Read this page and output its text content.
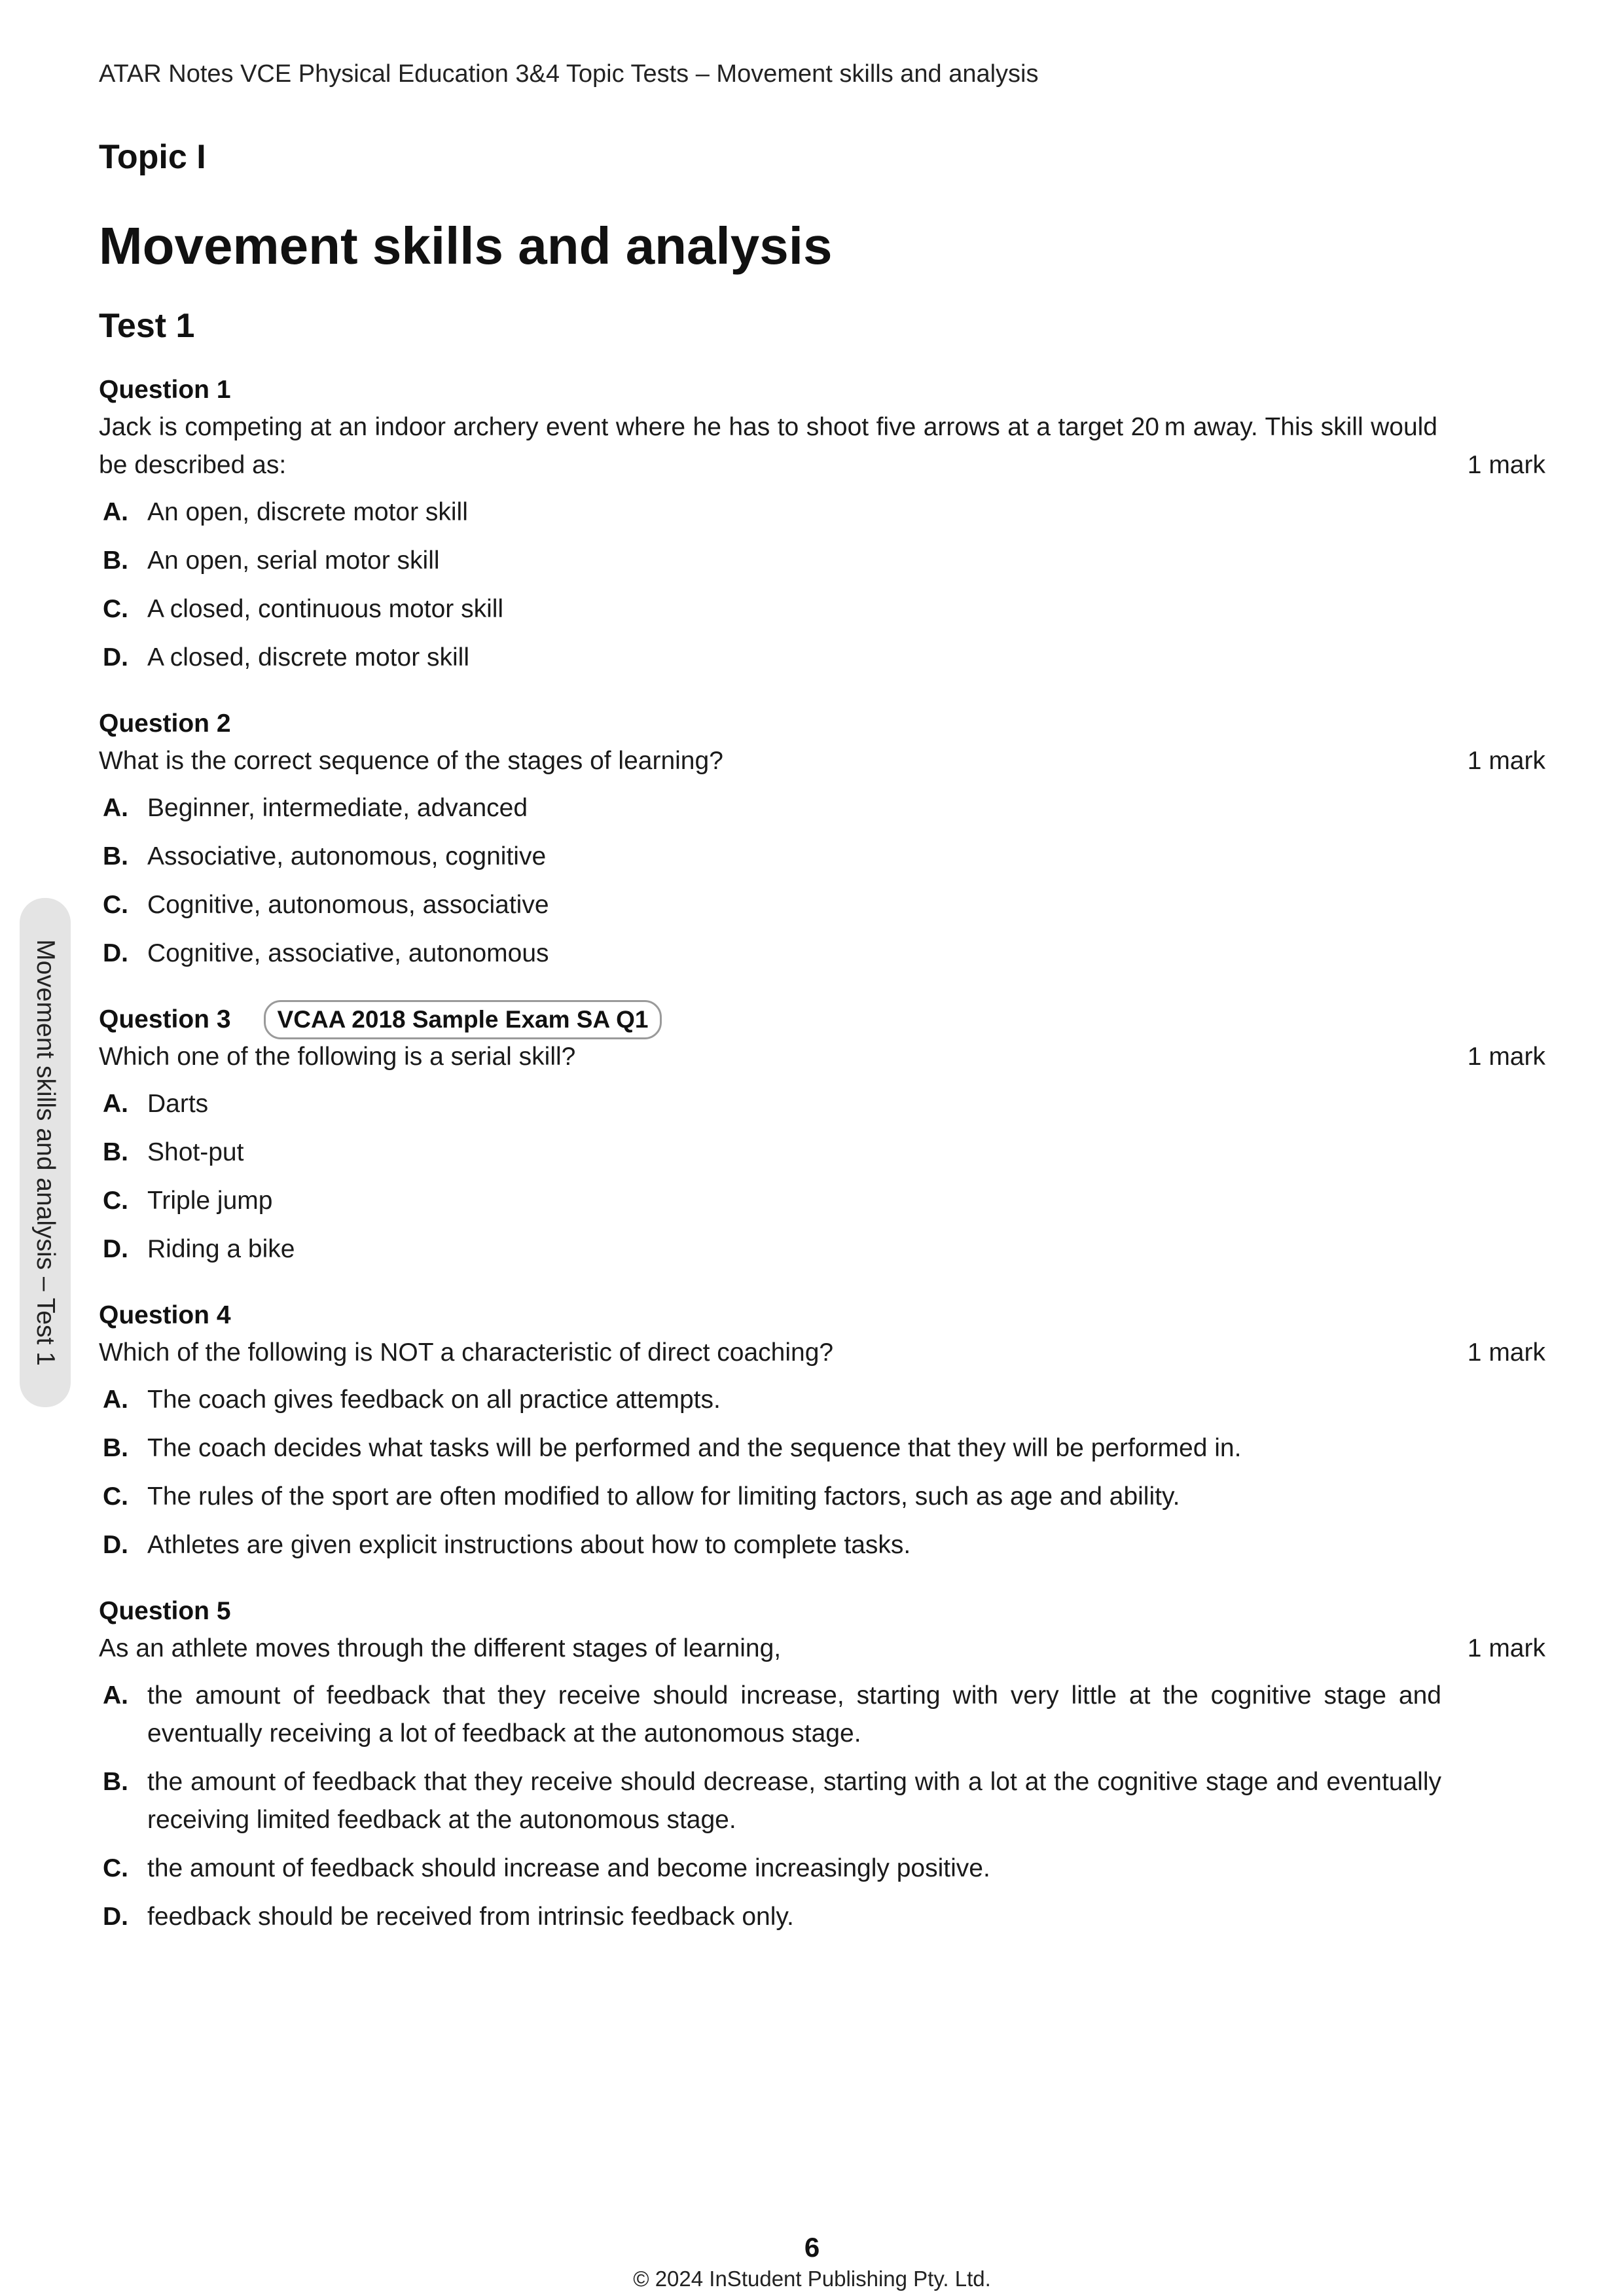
ATAR Notes VCE Physical Education 3&4 Topic Tests – Movement skills and analysis
Topic I
Movement skills and analysis
Test 1
Question 1
Jack is competing at an indoor archery event where he has to shoot five arrows at a target 20 m away. This skill would be described as:	1 mark
A. An open, discrete motor skill
B. An open, serial motor skill
C. A closed, continuous motor skill
D. A closed, discrete motor skill
Question 2
What is the correct sequence of the stages of learning?	1 mark
A. Beginner, intermediate, advanced
B. Associative, autonomous, cognitive
C. Cognitive, autonomous, associative
D. Cognitive, associative, autonomous
Question 3	VCAA 2018 Sample Exam SA Q1
Which one of the following is a serial skill?	1 mark
A. Darts
B. Shot-put
C. Triple jump
D. Riding a bike
Question 4
Which of the following is NOT a characteristic of direct coaching?	1 mark
A. The coach gives feedback on all practice attempts.
B. The coach decides what tasks will be performed and the sequence that they will be performed in.
C. The rules of the sport are often modified to allow for limiting factors, such as age and ability.
D. Athletes are given explicit instructions about how to complete tasks.
Question 5
As an athlete moves through the different stages of learning,	1 mark
A. the amount of feedback that they receive should increase, starting with very little at the cognitive stage and eventually receiving a lot of feedback at the autonomous stage.
B. the amount of feedback that they receive should decrease, starting with a lot at the cognitive stage and eventually receiving limited feedback at the autonomous stage.
C. the amount of feedback should increase and become increasingly positive.
D. feedback should be received from intrinsic feedback only.
Movement skills and analysis – Test 1
6
© 2024 InStudent Publishing Pty. Ltd.
